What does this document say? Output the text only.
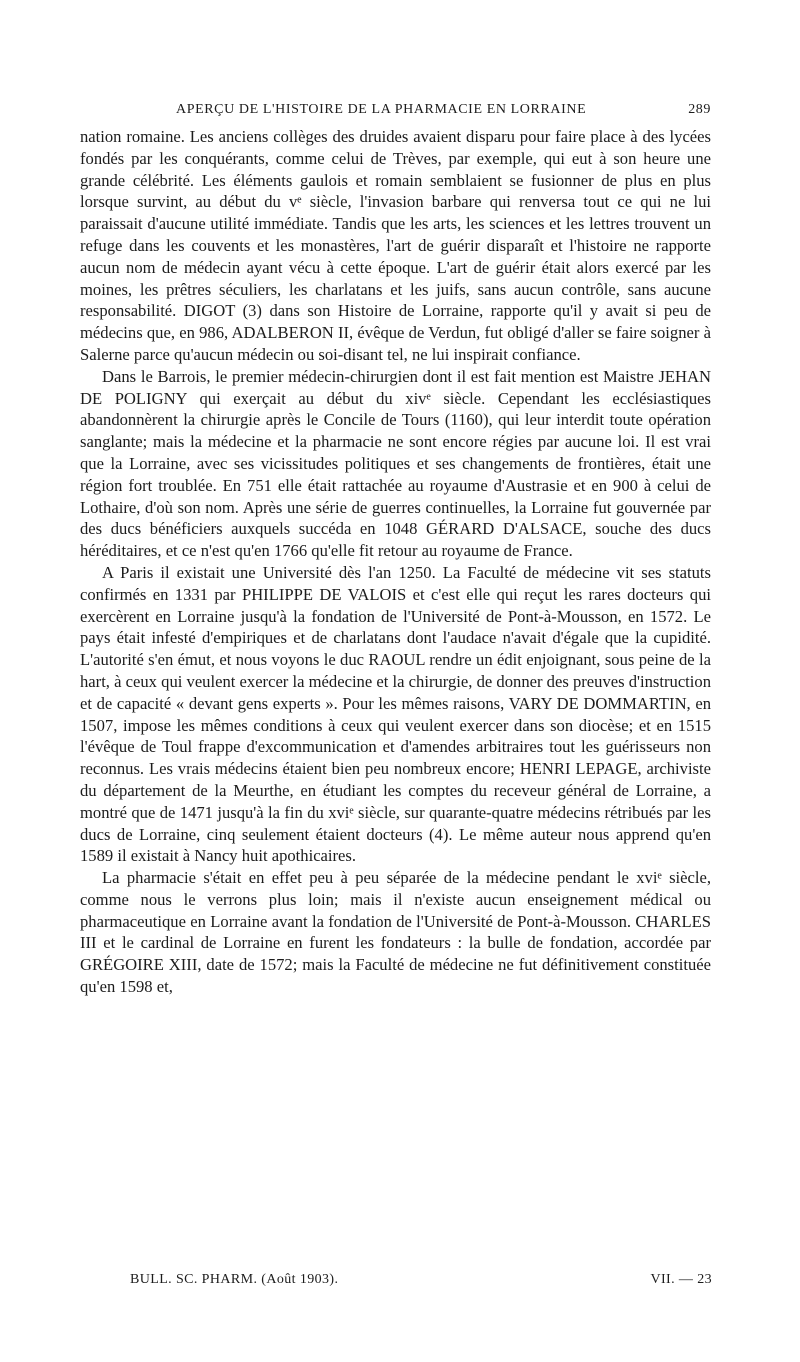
APERÇU DE L'HISTOIRE DE LA PHARMACIE EN LORRAINE	289

nation romaine. Les anciens collèges des druides avaient disparu pour faire place à des lycées fondés par les conquérants, comme celui de Trèves, par exemple, qui eut à son heure une grande célébrité. Les éléments gaulois et romain semblaient se fusionner de plus en plus lorsque survint, au début du vᵉ siècle, l'invasion barbare qui renversa tout ce qui ne lui paraissait d'aucune utilité immédiate. Tandis que les arts, les sciences et les lettres trouvent un refuge dans les couvents et les monastères, l'art de guérir disparaît et l'histoire ne rapporte aucun nom de médecin ayant vécu à cette époque. L'art de guérir était alors exercé par les moines, les prêtres séculiers, les charlatans et les juifs, sans aucun contrôle, sans aucune responsabilité. DIGOT (3) dans son Histoire de Lorraine, rapporte qu'il y avait si peu de médecins que, en 986, ADALBERON II, évêque de Verdun, fut obligé d'aller se faire soigner à Salerne parce qu'aucun médecin ou soi-disant tel, ne lui inspirait confiance.

Dans le Barrois, le premier médecin-chirurgien dont il est fait mention est Maistre JEHAN DE POLIGNY qui exerçait au début du xivᵉ siècle. Cependant les ecclésiastiques abandonnèrent la chirurgie après le Concile de Tours (1160), qui leur interdit toute opération sanglante; mais la médecine et la pharmacie ne sont encore régies par aucune loi. Il est vrai que la Lorraine, avec ses vicissitudes politiques et ses changements de frontières, était une région fort troublée. En 751 elle était rattachée au royaume d'Austrasie et en 900 à celui de Lothaire, d'où son nom. Après une série de guerres continuelles, la Lorraine fut gouvernée par des ducs bénéficiers auxquels succéda en 1048 GÉRARD D'ALSACE, souche des ducs héréditaires, et ce n'est qu'en 1766 qu'elle fit retour au royaume de France.

A Paris il existait une Université dès l'an 1250. La Faculté de médecine vit ses statuts confirmés en 1331 par PHILIPPE DE VALOIS et c'est elle qui reçut les rares docteurs qui exercèrent en Lorraine jusqu'à la fondation de l'Université de Pont-à-Mousson, en 1572. Le pays était infesté d'empiriques et de charlatans dont l'audace n'avait d'égale que la cupidité. L'autorité s'en émut, et nous voyons le duc RAOUL rendre un édit enjoignant, sous peine de la hart, à ceux qui veulent exercer la médecine et la chirurgie, de donner des preuves d'instruction et de capacité « devant gens experts ». Pour les mêmes raisons, VARY DE DOMMARTIN, en 1507, impose les mêmes conditions à ceux qui veulent exercer dans son diocèse; et en 1515 l'évêque de Toul frappe d'excommunication et d'amendes arbitraires tout les guérisseurs non reconnus. Les vrais médecins étaient bien peu nombreux encore; HENRI LEPAGE, archiviste du département de la Meurthe, en étudiant les comptes du receveur général de Lorraine, a montré que de 1471 jusqu'à la fin du xviᵉ siècle, sur quarante-quatre médecins rétribués par les ducs de Lorraine, cinq seulement étaient docteurs (4). Le même auteur nous apprend qu'en 1589 il existait à Nancy huit apothicaires.

La pharmacie s'était en effet peu à peu séparée de la médecine pendant le xviᵉ siècle, comme nous le verrons plus loin; mais il n'existe aucun enseignement médical ou pharmaceutique en Lorraine avant la fondation de l'Université de Pont-à-Mousson. CHARLES III et le cardinal de Lorraine en furent les fondateurs : la bulle de fondation, accordée par GRÉGOIRE XIII, date de 1572; mais la Faculté de médecine ne fut définitivement constituée qu'en 1598 et,

BULL. SC. PHARM. (Août 1903).	VII. — 23
